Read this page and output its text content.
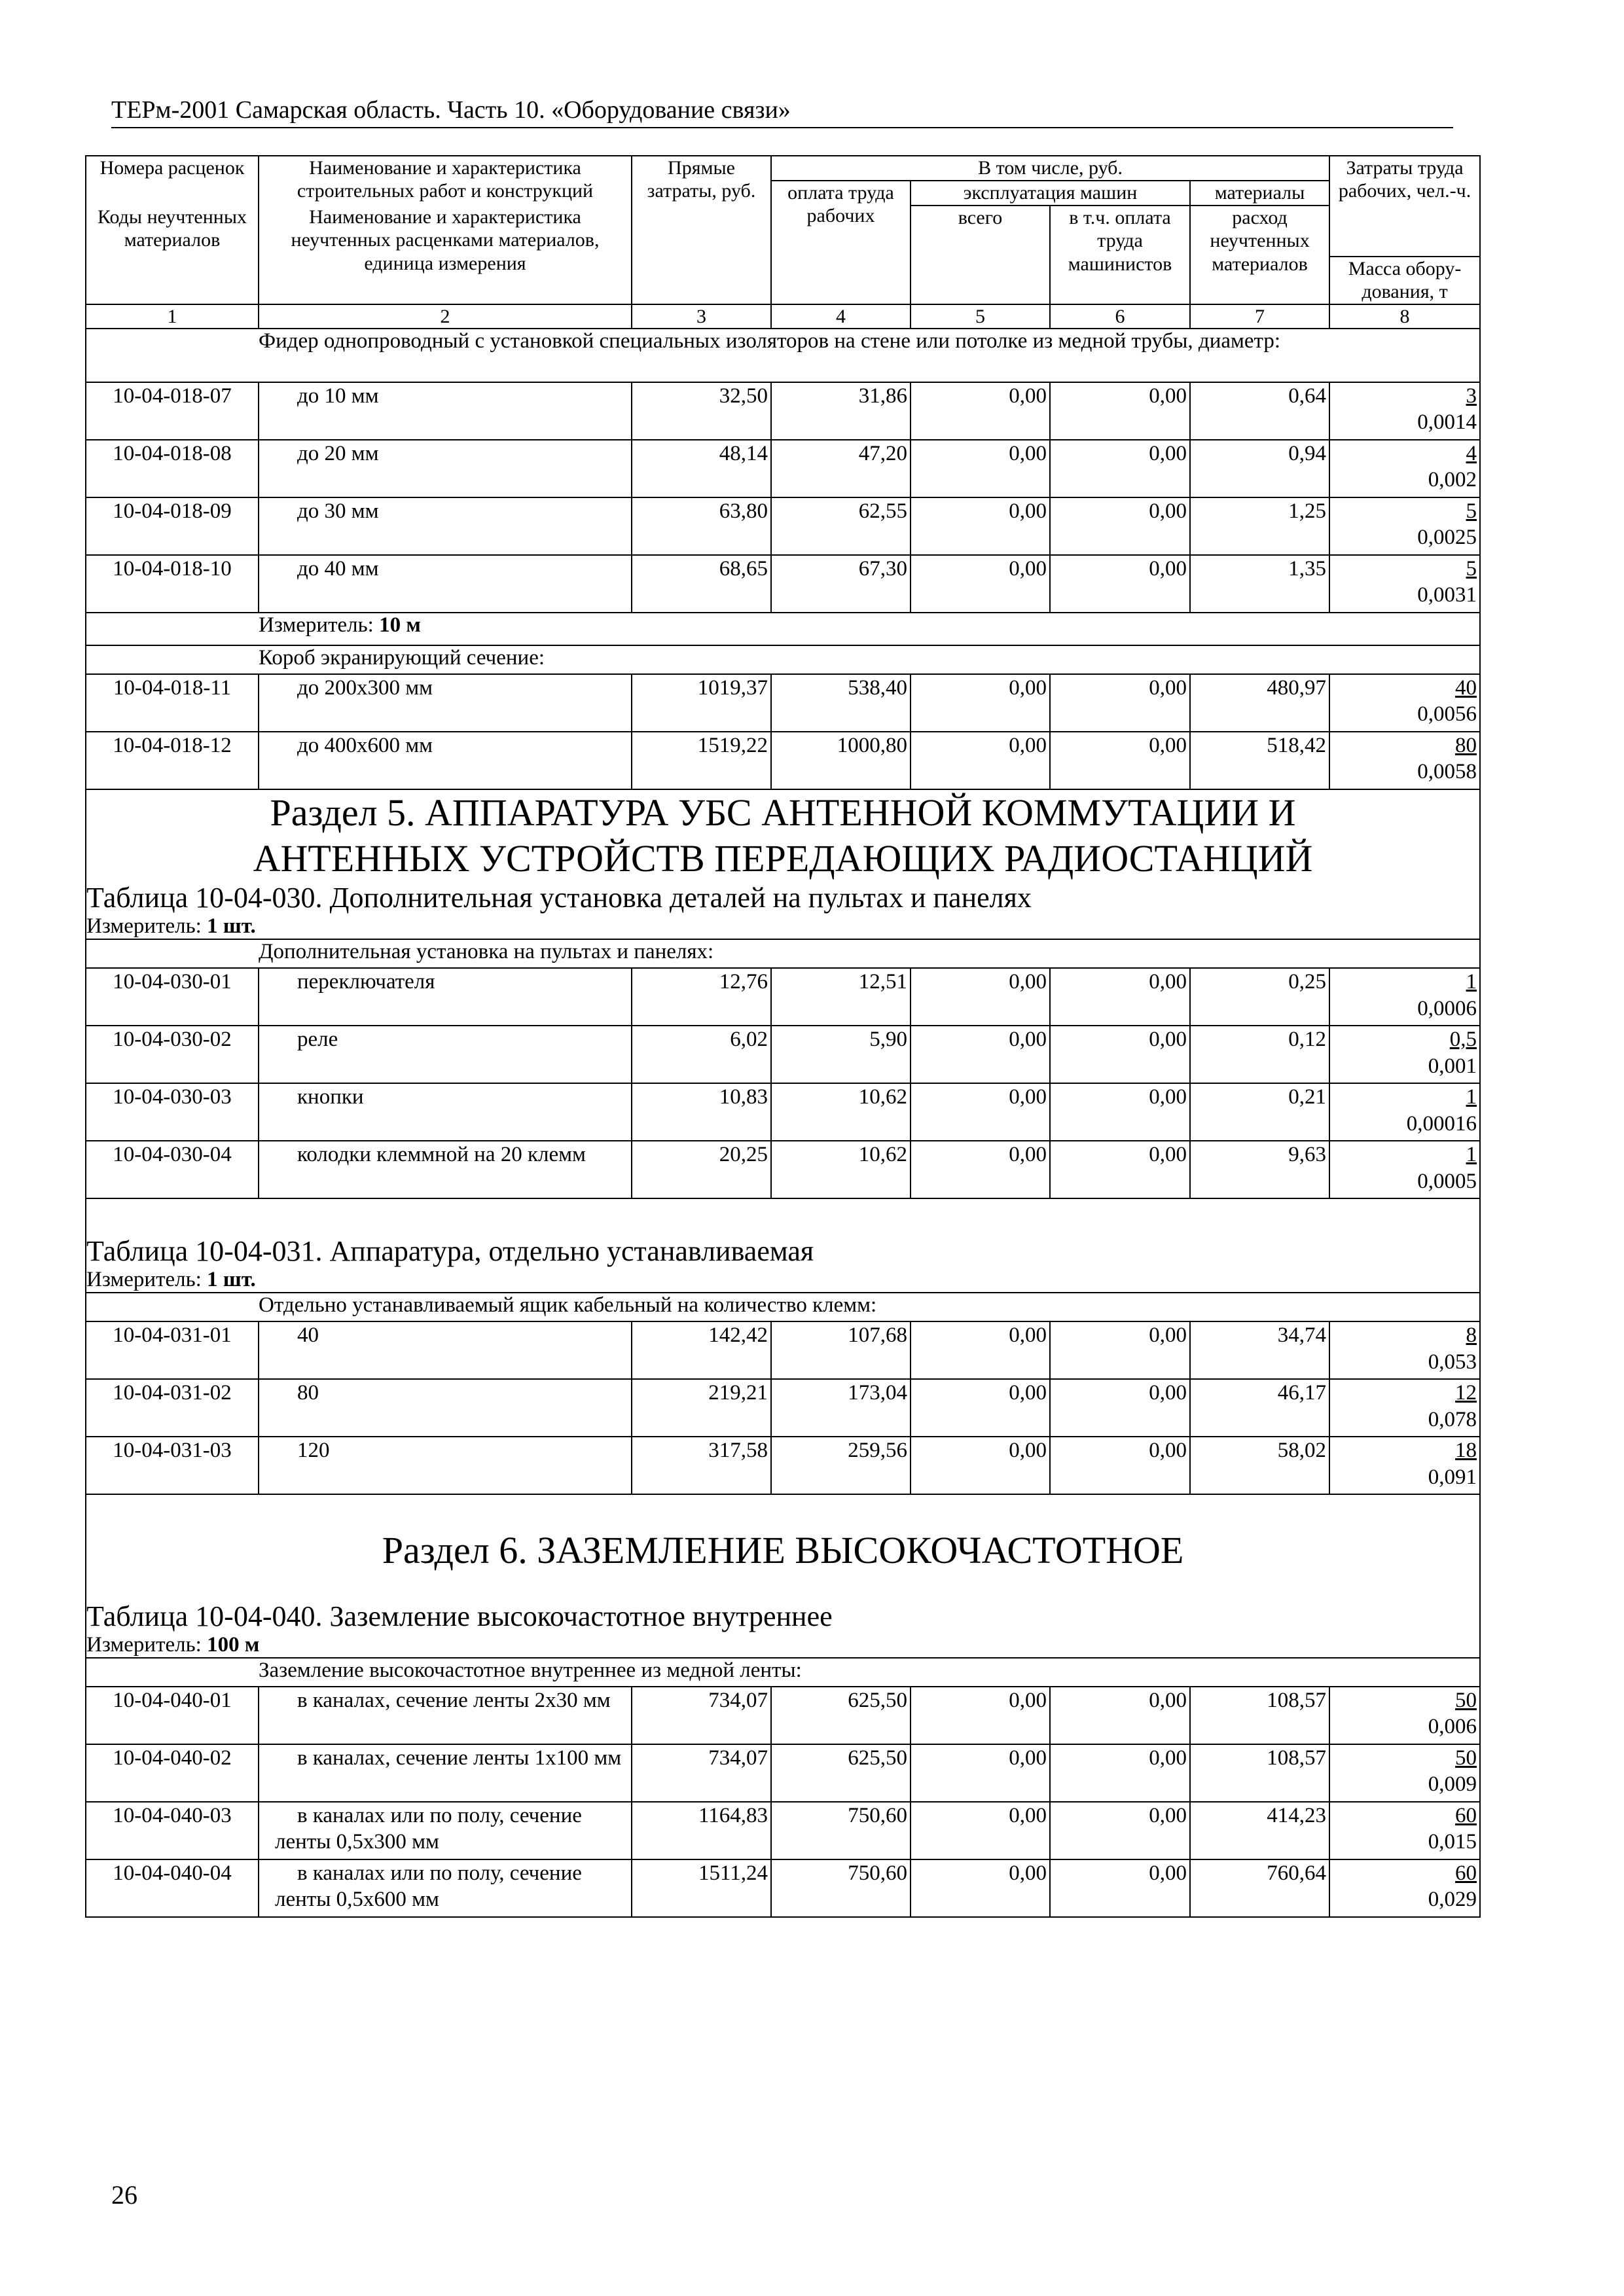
ТЕРм-2001 Самарская область. Часть 10. «Оборудование связи»
Номера расценок	Наименование и характеристика строительных работ и конструкций	Прямые затраты, руб.	В том числе, руб.				Затраты труда рабочих, чел.-ч.
			оплата труда рабочих	эксплуатация машин		материалы	
Коды неучтенных материалов	Наименование и характеристика неучтенных расценками материалов, единица измерения			всего	в т.ч. оплата труда машинистов	расход неучтенных материалов	
							Масса обору-дования, т
1	2	3	4	5	6	7	8
	Фидер однопроводный с установкой специальных изоляторов на стене или потолке из медной трубы, диаметр:						
10-04-018-07	до 10 мм	32,50	31,86	0,00	0,00	0,64	3
0,0014

10-04-018-08	до 20 мм	48,14	47,20	0,00	0,00	0,94	4
0,002

10-04-018-09	до 30 мм	63,80	62,55	0,00	0,00	1,25	5
0,0025

10-04-018-10	до 40 мм	68,65	67,30	0,00	0,00	1,35	5
0,0031

	Измеритель: 10 м						
	Короб экранирующий сечение:						
10-04-018-11	до 200х300 мм	1019,37	538,40	0,00	0,00	480,97	40
0,0056

10-04-018-12	до 400х600 мм	1519,22	1000,80	0,00	0,00	518,42	80
0,0058

Раздел 5. АППАРАТУРА УБС АНТЕННОЙ КОММУТАЦИИ И
АНТЕННЫХ УСТРОЙСТВ ПЕРЕДАЮЩИХ РАДИОСТАНЦИЙ							

Таблица 10-04-030. Дополнительная установка деталей на пультах и панелях							
Измеритель: 1 шт.							
	Дополнительная установка на пультах и панелях:						
10-04-030-01	переключателя	12,76	12,51	0,00	0,00	0,25	1
0,0006

10-04-030-02	реле	6,02	5,90	0,00	0,00	0,12	0,5
0,001

10-04-030-03	кнопки	10,83	10,62	0,00	0,00	0,21	1
0,00016

10-04-030-04	колодки клеммной на 20 клемм	20,25	10,62	0,00	0,00	9,63	1
0,0005

Таблица 10-04-031. Аппаратура, отдельно устанавливаемая							
Измеритель: 1 шт.							
	Отдельно устанавливаемый ящик кабельный на количество клемм:						
10-04-031-01	40	142,42	107,68	0,00	0,00	34,74	8
0,053

10-04-031-02	80	219,21	173,04	0,00	0,00	46,17	12
0,078

10-04-031-03	120	317,58	259,56	0,00	0,00	58,02	18
0,091

Раздел 6. ЗАЗЕМЛЕНИЕ ВЫСОКОЧАСТОТНОЕ							
Таблица 10-04-040. Заземление высокочастотное внутреннее							
Измеритель: 100 м							
	Заземление высокочастотное внутреннее из медной ленты:						
10-04-040-01	в каналах, сечение ленты 2х30 мм	734,07	625,50	0,00	0,00	108,57	50
0,006

10-04-040-02	в каналах, сечение ленты 1х100 мм	734,07	625,50	0,00	0,00	108,57	50
0,009

10-04-040-03	в каналах или по полу, сечение ленты 0,5х300 мм	1164,83	750,60	0,00	0,00	414,23	60
0,015

10-04-040-04	в каналах или по полу, сечение ленты 0,5х600 мм	1511,24	750,60	0,00	0,00	760,64	60
0,029
26
